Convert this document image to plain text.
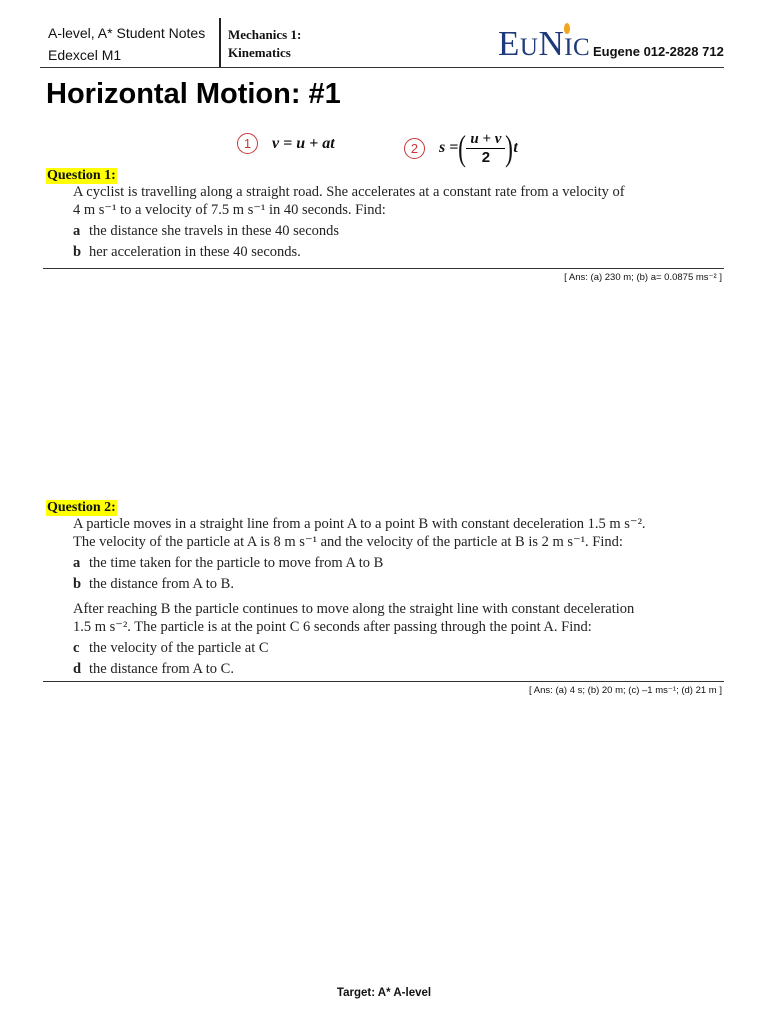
A-level, A* Student Notes
Edexcel M1
Mechanics 1:
Kinematics	EUNIC Eugene 012-2828 712
Horizontal Motion: #1
1	v = u + at	2	s = ( $\frac{u + v}{2}$ ) t
Question 1:
A cyclist is travelling along a straight road. She accelerates at a constant rate from a velocity of
4 m s⁻¹ to a velocity of 7.5 m s⁻¹ in 40 seconds. Find:
a the distance she travels in these 40 seconds
b her acceleration in these 40 seconds.
[ Ans: (a) 230 m; (b) a= 0.0875 ms⁻² ]
Question 2:
A particle moves in a straight line from a point A to a point B with constant deceleration 1.5 m s⁻².
The velocity of the particle at A is 8 m s⁻¹ and the velocity of the particle at B is 2 m s⁻¹. Find:
a the time taken for the particle to move from A to B
b the distance from A to B.
After reaching B the particle continues to move along the straight line with constant deceleration
1.5 m s⁻². The particle is at the point C 6 seconds after passing through the point A. Find:
c the velocity of the particle at C
d the distance from A to C.
[ Ans: (a) 4 s; (b) 20 m; (c) –1 ms⁻¹; (d) 21 m ]
Target: A* A-level
